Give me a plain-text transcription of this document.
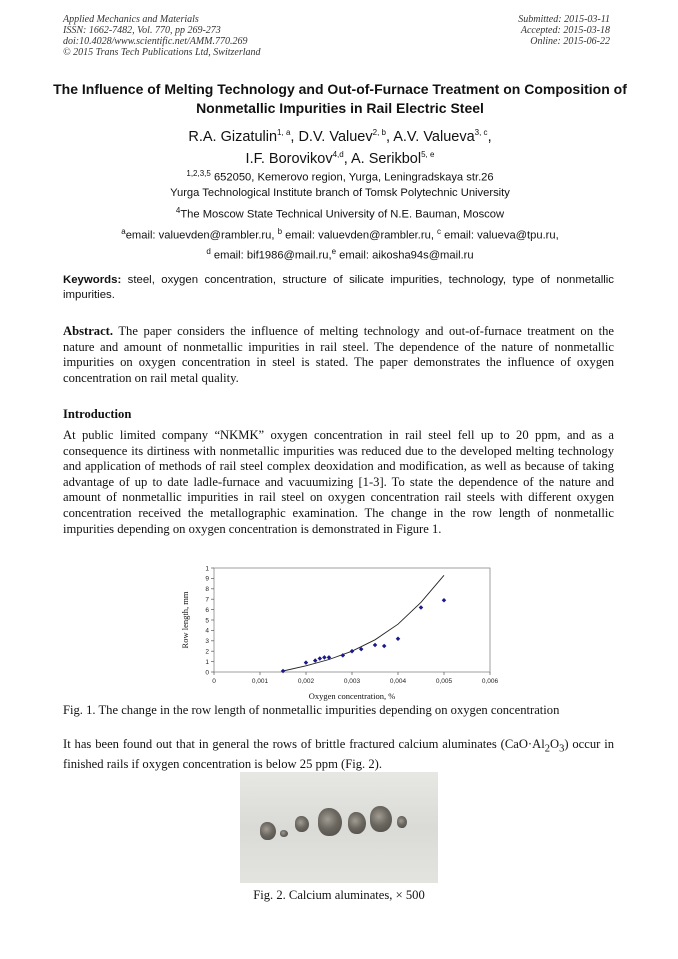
Applied Mechanics and Materials
ISSN: 1662-7482, Vol. 770, pp 269-273
doi:10.4028/www.scientific.net/AMM.770.269
© 2015 Trans Tech Publications Ltd, Switzerland
Submitted: 2015-03-11
Accepted: 2015-03-18
Online: 2015-06-22
The Influence of Melting Technology and Out-of-Furnace Treatment on Composition of Nonmetallic Impurities in Rail Electric Steel
R.A. Gizatulin$^{1, a}$, D.V. Valuev$^{2, b}$, A.V. Valueva$^{3, c}$,
I.F. Borovikov$^{4,d}$, A. Serikbol$^{5, e}$
$^{1,2,3,5}$ 652050, Kemerovo region, Yurga, Leningradskaya str.26
Yurga Technological Institute branch of Tomsk Polytechnic University
$^4$The Moscow State Technical University of N.E. Bauman, Moscow
$^a$email: valuevden@rambler.ru, $^b$ email: valuevden@rambler.ru, $^c$ email: valueva@tpu.ru,
$^d$ email: bif1986@mail.ru,$^e$ email: aikosha94s@mail.ru
Keywords: steel, oxygen concentration, structure of silicate impurities, technology, type of nonmetallic impurities.
Abstract. The paper considers the influence of melting technology and out-of-furnace treatment on the nature and amount of nonmetallic impurities in rail steel. The dependence of the nature of nonmetallic impurities on oxygen concentration in steel is stated. The paper demonstrates the influence of oxygen concentration on rail metal quality.
Introduction
At public limited company “NKMK” oxygen concentration in rail steel fell up to 20 ppm, and as a consequence its dirtiness with nonmetallic impurities was reduced due to the developed melting technology and application of methods of rail steel complex deoxidation and modification, as well as because of taking advantage of up to date ladle-furnace and vacuumizing [1-3]. To state the dependence of the nature and amount of nonmetallic impurities in rail steel on oxygen concentration rail steels with different oxygen concentration received the metallographic examination. The change in the row length of nonmetallic impurities depending on oxygen concentration is demonstrated in Figure 1.
0	0,001	0,002	0,003	0,004	0,005	0,006
0
1
2
3
4
5
6
7
8
9
1
Oxygen concentration, %
Row length, mm
Fig. 1. The change in the row length of nonmetallic impurities depending on oxygen concentration
It has been found out that in general the rows of brittle fractured calcium aluminates $(CaO\cdot Al_2O_3)$ occur in finished rails if oxygen concentration is below 25 ppm (Fig. 2).
Fig. 2. Calcium aluminates, × 500
